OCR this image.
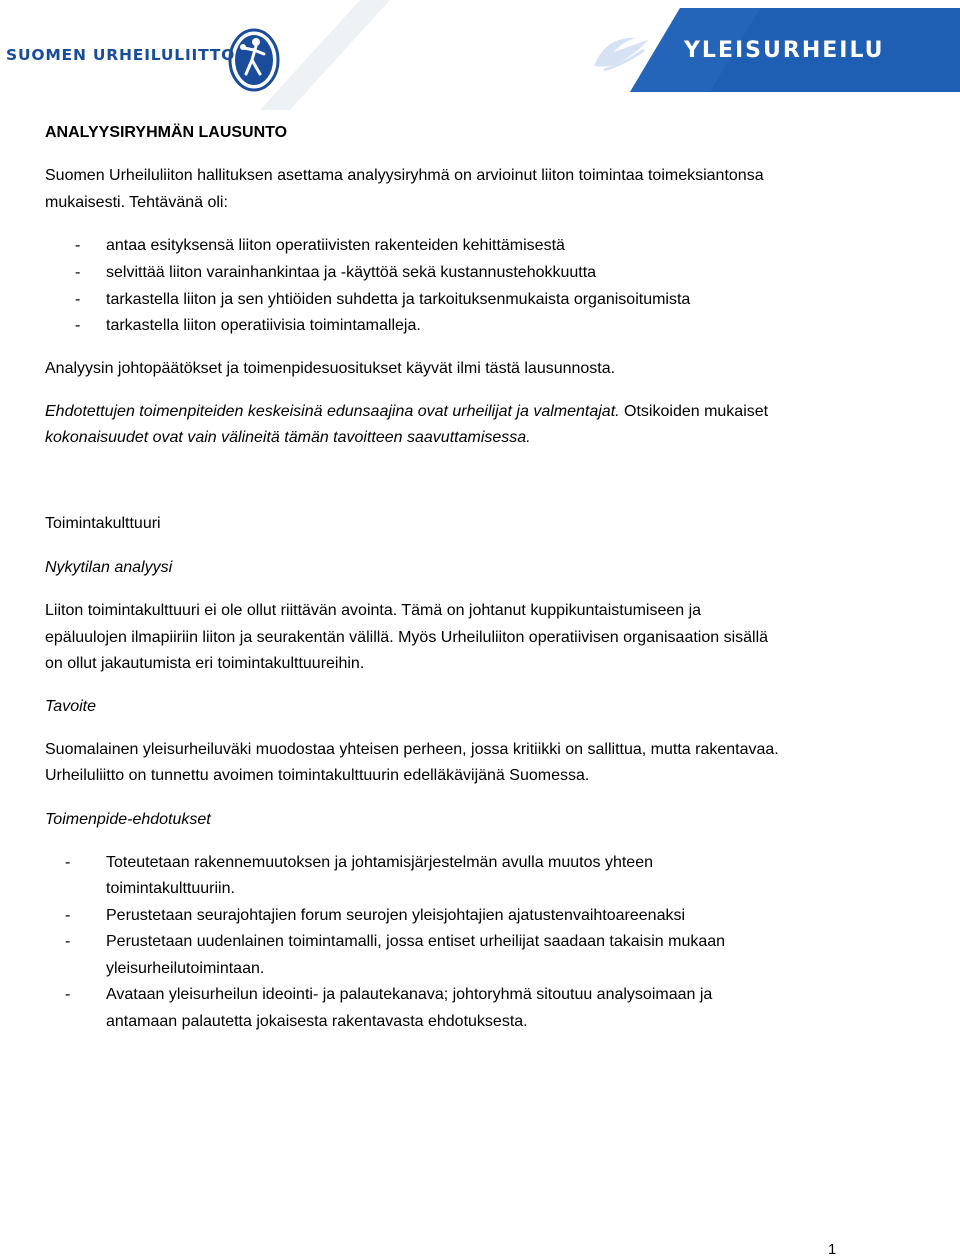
SUOMEN URHEILULIITTO	YLEISURHEILU
ANALYYSIRYHMÄN LAUSUNTO
Suomen Urheiluliiton hallituksen asettama analyysiryhmä on arvioinut liiton toimintaa toimeksiantonsa
mukaisesti. Tehtävänä oli:
- antaa esityksensä liiton operatiivisten rakenteiden kehittämisestä
- selvittää liiton varainhankintaa ja -käyttöä sekä kustannustehokkuutta
- tarkastella liiton ja sen yhtiöiden suhdetta ja tarkoituksenmukaista organisoitumista
- tarkastella liiton operatiivisia toimintamalleja.
Analyysin johtopäätökset ja toimenpidesuositukset käyvät ilmi tästä lausunnosta.
Ehdotettujen toimenpiteiden keskeisinä edunsaajina ovat urheilijat ja valmentajat. Otsikoiden mukaiset
kokonaisuudet ovat vain välineitä tämän tavoitteen saavuttamisessa.
Toimintakulttuuri
Nykytilan analyysi
Liiton toimintakulttuuri ei ole ollut riittävän avointa. Tämä on johtanut kuppikuntaistumiseen ja
epäluulojen ilmapiiriin liiton ja seurakentän välillä. Myös Urheiluliiton operatiivisen organisaation sisällä
on ollut jakautumista eri toimintakulttuureihin.
Tavoite
Suomalainen yleisurheiluväki muodostaa yhteisen perheen, jossa kritiikki on sallittua, mutta rakentavaa.
Urheiluliitto on tunnettu avoimen toimintakulttuurin edelläkävijänä Suomessa.
Toimenpide-ehdotukset
- Toteutetaan rakennemuutoksen ja johtamisjärjestelmän avulla muutos yhteen
toimintakulttuuriin.
- Perustetaan seurajohtajien forum seurojen yleisjohtajien ajatustenvaihtoareenaksi
- Perustetaan uudenlainen toimintamalli, jossa entiset urheilijat saadaan takaisin mukaan
yleisurheilutoimintaan.
- Avataan yleisurheilun ideointi- ja palautekanava; johtoryhmä sitoutuu analysoimaan ja
antamaan palautetta jokaisesta rakentavasta ehdotuksesta.
1
